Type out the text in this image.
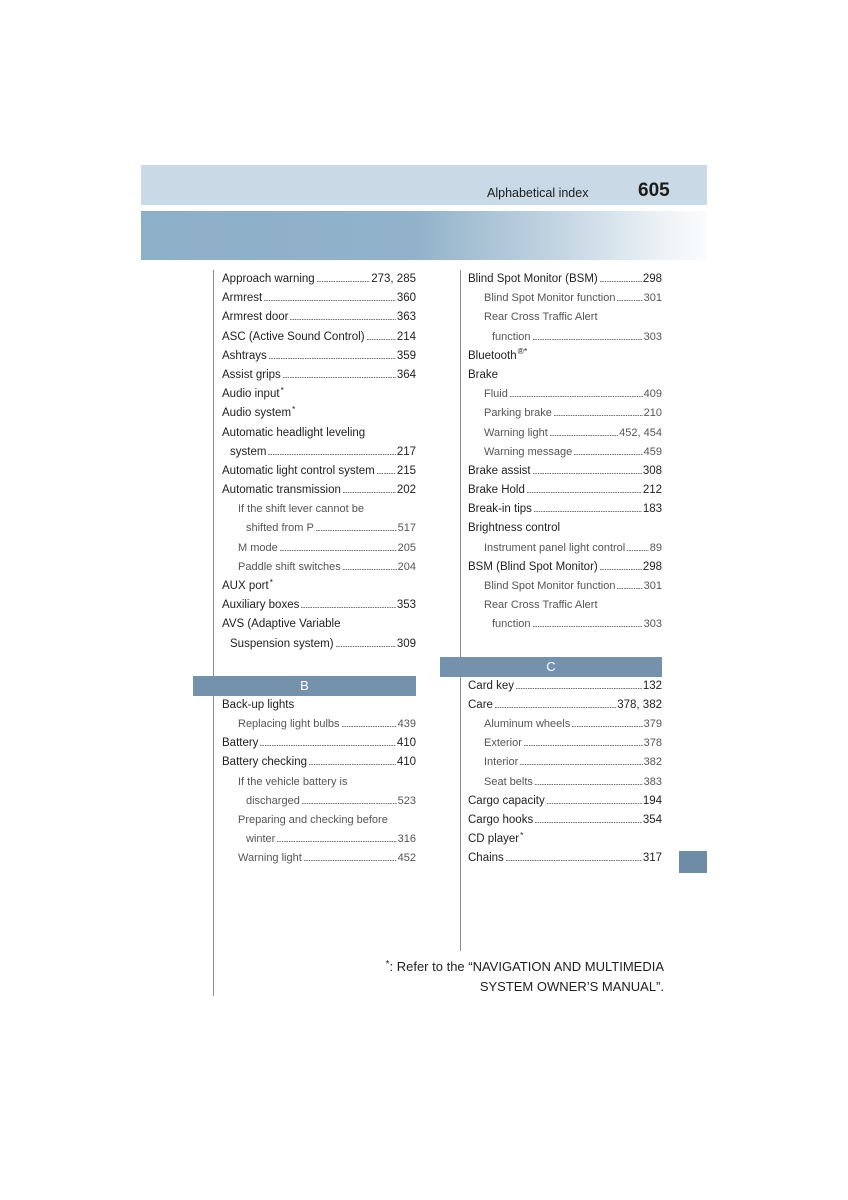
Alphabetical index	605
Approach warning	273, 285
Armrest	360
Armrest door	363
ASC (Active Sound Control)	214
Ashtrays	359
Assist grips	364
Audio input *
Audio system *
Automatic headlight leveling
system	217
Automatic light control system 215
Automatic transmission	202
If the shift lever cannot be
shifted from P	517
M mode	205
Paddle shift switches	204
AUX port *
Auxiliary boxes	353
AVS (Adaptive Variable
Suspension system)	309
B
Back-up lights
Replacing light bulbs	439
Battery	410
Battery checking	410
If the vehicle battery is
discharged	523
Preparing and checking before
winter	316
Warning light	452
Blind Spot Monitor (BSM)	298
Blind Spot Monitor function	301
Rear Cross Traffic Alert
function	303
Bluetooth ®*
Brake
Fluid	409
Parking brake	210
Warning light	452, 454
Warning message	459
Brake assist	308
Brake Hold	212
Break-in tips	183
Brightness control
Instrument panel light control 89
BSM (Blind Spot Monitor)	298
Blind Spot Monitor function	301
Rear Cross Traffic Alert
function	303
C
Card key	132
Care	378, 382
Aluminum wheels	379
Exterior	378
Interior	382
Seat belts	383
Cargo capacity	194
Cargo hooks	354
CD player *
Chains	317
*: Refer to the “NAVIGATION AND MULTIMEDIA
SYSTEM OWNER’S MANUAL”.
